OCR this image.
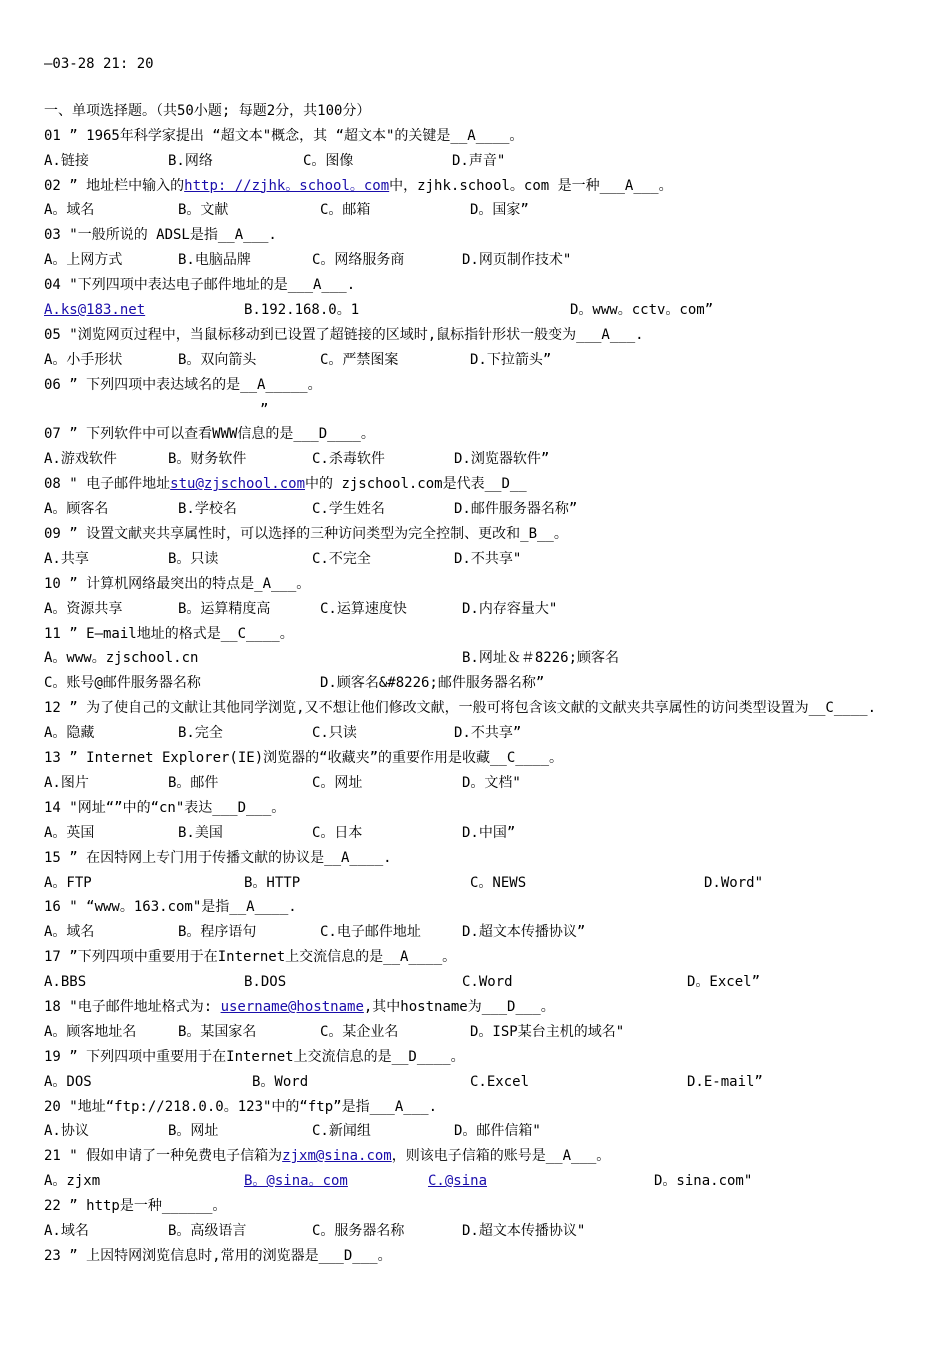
—03-28 21: 20
一、单项选择题。（共50小题; 每题2分，共100分）
01 ” 1965年科学家提出 “超文本"概念，其 “超文本"的关键是__A____。

A.链接

	B.网络

	C。图像

	D.声音"

02 ” 地址栏中输入的http: //zjhk。school。com中，zjhk.school。com 是一种___A___。

A。域名

	B。文献

	C。邮箱

	D。国家”

03 "一般所说的 ADSL是指__A___.

A。上网方式

	B.电脑品牌

	C。网络服务商

	D.网页制作技术"

04 "下列四项中表达电子邮件地址的是___A___.

A.ks@183.net

	B.192.168.0。1

	D。www。cctv。com”

05 "浏览网页过程中，当鼠标移动到已设置了超链接的区域时,鼠标指针形状一般变为___A___.

A。小手形状

	B。双向箭头

	C。严禁图案

	D.下拉箭头”

06 ” 下列四项中表达域名的是__A_____。

”

07 ” 下列软件中可以查看WWW信息的是___D____。

A.游戏软件

	B。财务软件

	C.杀毒软件

	D.浏览器软件”

08 " 电子邮件地址stu@zjschool.com中的 zjschool.com是代表__D__

A。顾客名

	B.学校名

	C.学生姓名

	D.邮件服务器名称”

09 ” 设置文献夹共享属性时，可以选择的三种访问类型为完全控制、更改和_B__。

A.共享

	B。只读

	C.不完全

	D.不共享"

10 ” 计算机网络最突出的特点是_A___。

A。资源共享

	B。运算精度高

	C.运算速度快

	D.内存容量大"

11 ” E—mail地址的格式是__C____。

A。www。zjschool.cn

	B.网址＆＃8226;顾客名

C。账号@邮件服务器名称

	D.顾客名&#8226;邮件服务器名称”

12 ” 为了使自己的文献让其他同学浏览,又不想让他们修改文献，一般可将包含该文献的文献夹共享属性的访问类型设置为__C____.

A。隐藏

	B.完全

	C.只读

	D.不共享”

13 ” Internet Explorer(IE)浏览器的“收藏夹”的重要作用是收藏__C____。

A.图片

	B。邮件

	C。网址

	D。文档"

14 "网址“”中的“cn"表达___D___。

A。英国

	B.美国

	C。日本

	D.中国”

15 ” 在因特网上专门用于传播文献的协议是__A____.

A。FTP

	B。HTTP

	C。NEWS

	D.Word"

16 " “www。163.com"是指__A____.

A。域名

	B。程序语句

	C.电子邮件地址

	D.超文本传播协议”

17 ”下列四项中重要用于在Internet上交流信息的是__A____。

A.BBS

	B.DOS

	C.Word

	D。Excel”

18 "电子邮件地址格式为: username@hostname,其中hostname为___D___。

A。顾客地址名

	B。某国家名

	C。某企业名

	D。ISP某台主机的域名"

19 ” 下列四项中重要用于在Internet上交流信息的是__D____。

A。DOS

	B。Word

	C.Excel

	D.E-mail”

20 "地址“ftp://218.0.0。123"中的“ftp”是指___A___.

A.协议

	B。网址

	C.新闻组

	D。邮件信箱"

21 " 假如申请了一种免费电子信箱为zjxm@sina.com，则该电子信箱的账号是__A___。

A。zjxm

	B。@sina。com

	C.@sina

	D。sina.com"

22 ” http是一种______。

A.域名

	B。高级语言

	C。服务器名称

	D.超文本传播协议"

23 ” 上因特网浏览信息时,常用的浏览器是___D___。
